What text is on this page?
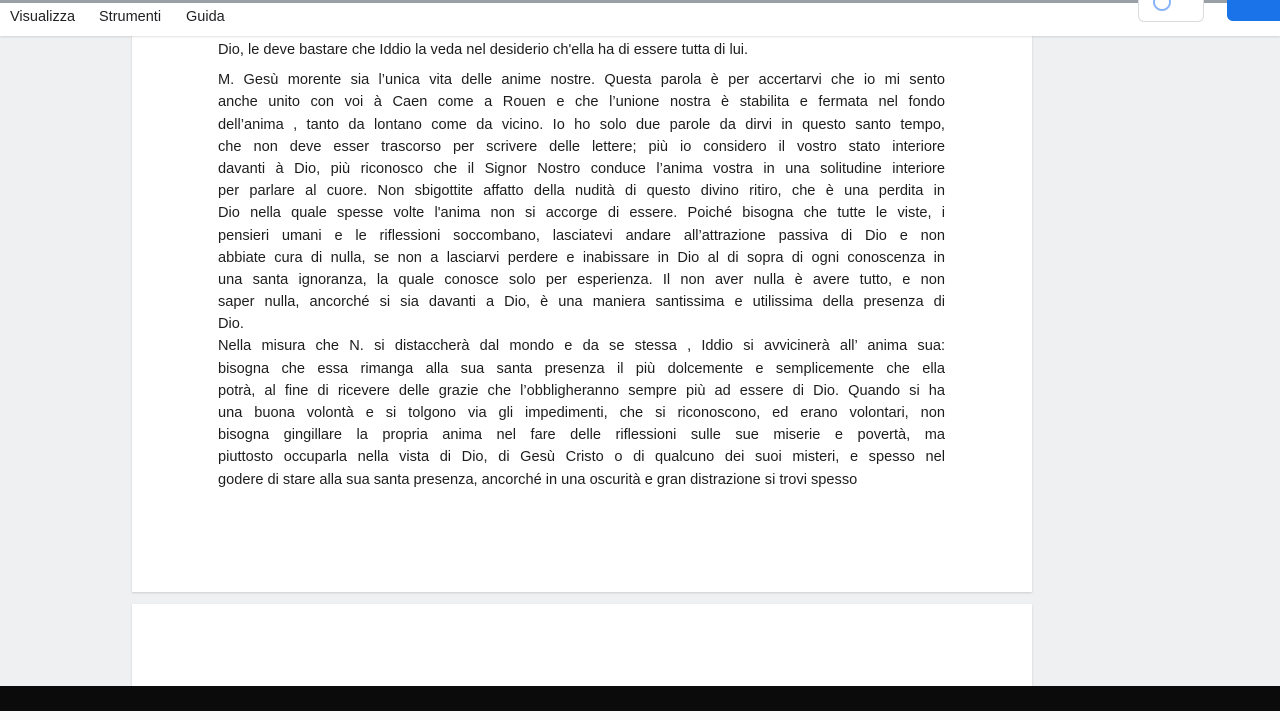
Dio, le deve bastare che Iddio la veda nel desiderio ch'ella ha di essere tutta di lui.
M. Gesù morente sia l’unica vita delle anime nostre. Questa parola è per accertarvi che io mi sento
anche unito con voi à Caen come a Rouen e che l’unione nostra è stabilita e fermata nel fondo
dell’anima , tanto da lontano come da vicino. Io ho solo due parole da dirvi in questo santo tempo,
che non deve esser trascorso per scrivere delle lettere; più io considero il vostro stato interiore
davanti à Dio, più riconosco che il Signor Nostro conduce l’anima vostra in una solitudine interiore
per parlare al cuore. Non sbigottite affatto della nudità di questo divino ritiro, che è una perdita in
Dio nella quale spesse volte l'anima non si accorge di essere. Poiché bisogna che tutte le viste, i
pensieri umani e le riflessioni soccombano, lasciatevi andare all’attrazione passiva di Dio e non
abbiate cura di nulla, se non a lasciarvi perdere e inabissare in Dio al di sopra di ogni conoscenza in
una santa ignoranza, la quale conosce solo per esperienza. Il non aver nulla è avere tutto, e non
saper nulla, ancorché si sia davanti a Dio, è una maniera santissima e utilissima della presenza di
Dio.
Nella misura che N. si distaccherà dal mondo e da se stessa , Iddio si avvicinerà all’ anima sua:
bisogna che essa rimanga alla sua santa presenza il più dolcemente e semplicemente che ella
potrà, al fine di ricevere delle grazie che l’obbligheranno sempre più ad essere di Dio. Quando si ha
una buona volontà e si tolgono via gli impedimenti, che si riconoscono, ed erano volontari, non
bisogna gingillare la propria anima nel fare delle riflessioni sulle sue miserie e povertà, ma
piuttosto occuparla nella vista di Dio, di Gesù Cristo o di qualcuno dei suoi misteri, e spesso nel
godere di stare alla sua santa presenza, ancorché in una oscurità e gran distrazione si trovi spesso
Visualizza Strumenti Guida
